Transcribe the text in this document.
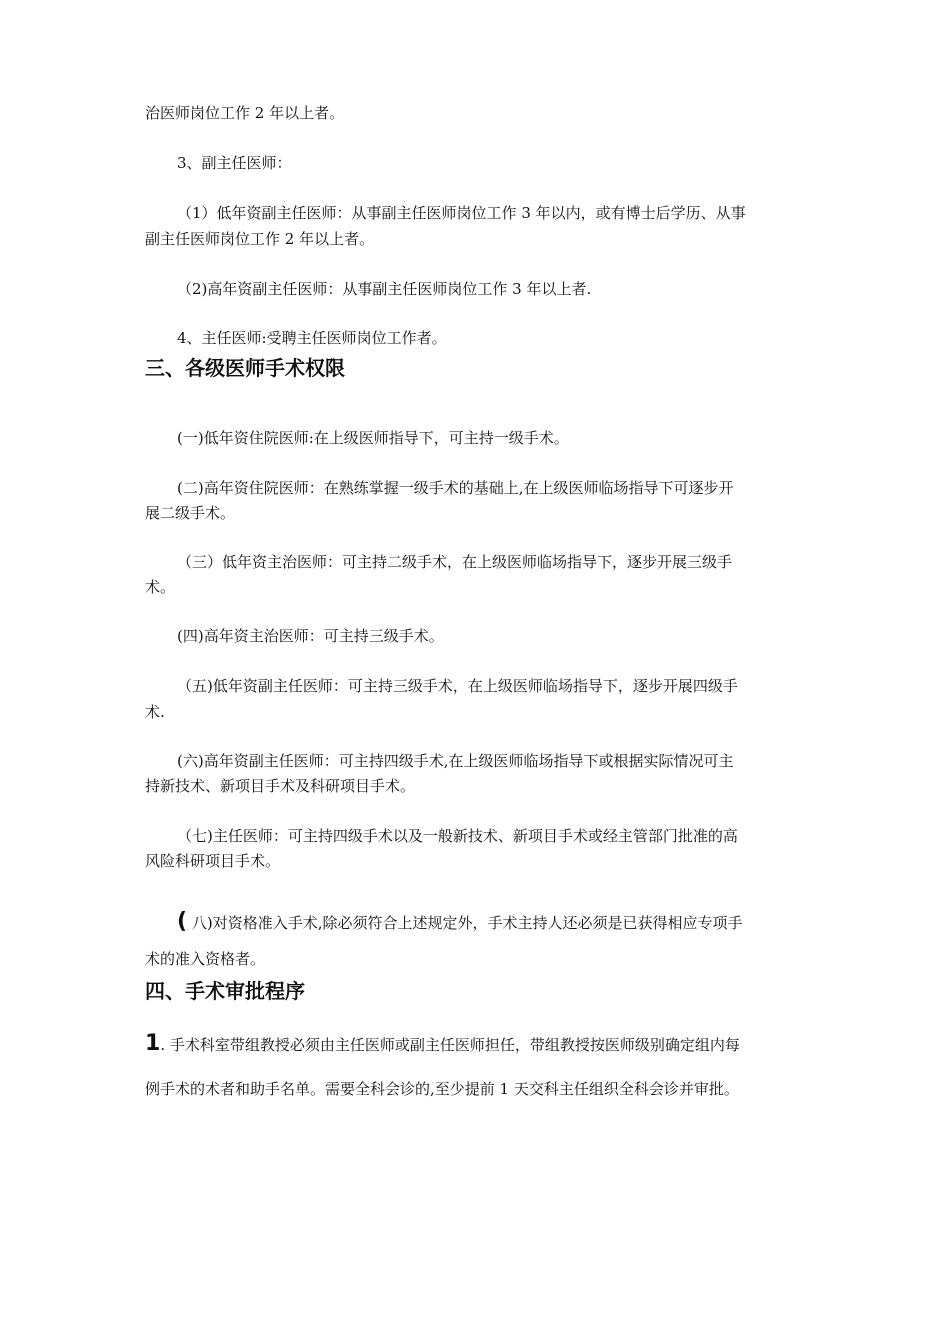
治医师岗位工作 2 年以上者。
3、副主任医师：
（1）低年资副主任医师：从事副主任医师岗位工作 3 年以内，或有博士后学历、从事
副主任医师岗位工作 2 年以上者。
（2)高年资副主任医师：从事副主任医师岗位工作 3 年以上者.
4、主任医师:受聘主任医师岗位工作者。
三、各级医师手术权限
(一)低年资住院医师:在上级医师指导下，可主持一级手术。
(二)高年资住院医师：在熟练掌握一级手术的基础上,在上级医师临场指导下可逐步开
展二级手术。
（三）低年资主治医师：可主持二级手术，在上级医师临场指导下，逐步开展三级手
术。
(四)高年资主治医师：可主持三级手术。
（五)低年资副主任医师：可主持三级手术，在上级医师临场指导下，逐步开展四级手
术.
(六)高年资副主任医师：可主持四级手术,在上级医师临场指导下或根据实际情况可主
持新技术、新项目手术及科研项目手术。
（七)主任医师：可主持四级手术以及一般新技术、新项目手术或经主管部门批准的高
风险科研项目手术。
( 八)对资格准入手术,除必须符合上述规定外，手术主持人还必须是已获得相应专项手
术的准入资格者。
四、手术审批程序
1. 手术科室带组教授必须由主任医师或副主任医师担任，带组教授按医师级别确定组内每
例手术的术者和助手名单。需要全科会诊的,至少提前 1 天交科主任组织全科会诊并审批。
